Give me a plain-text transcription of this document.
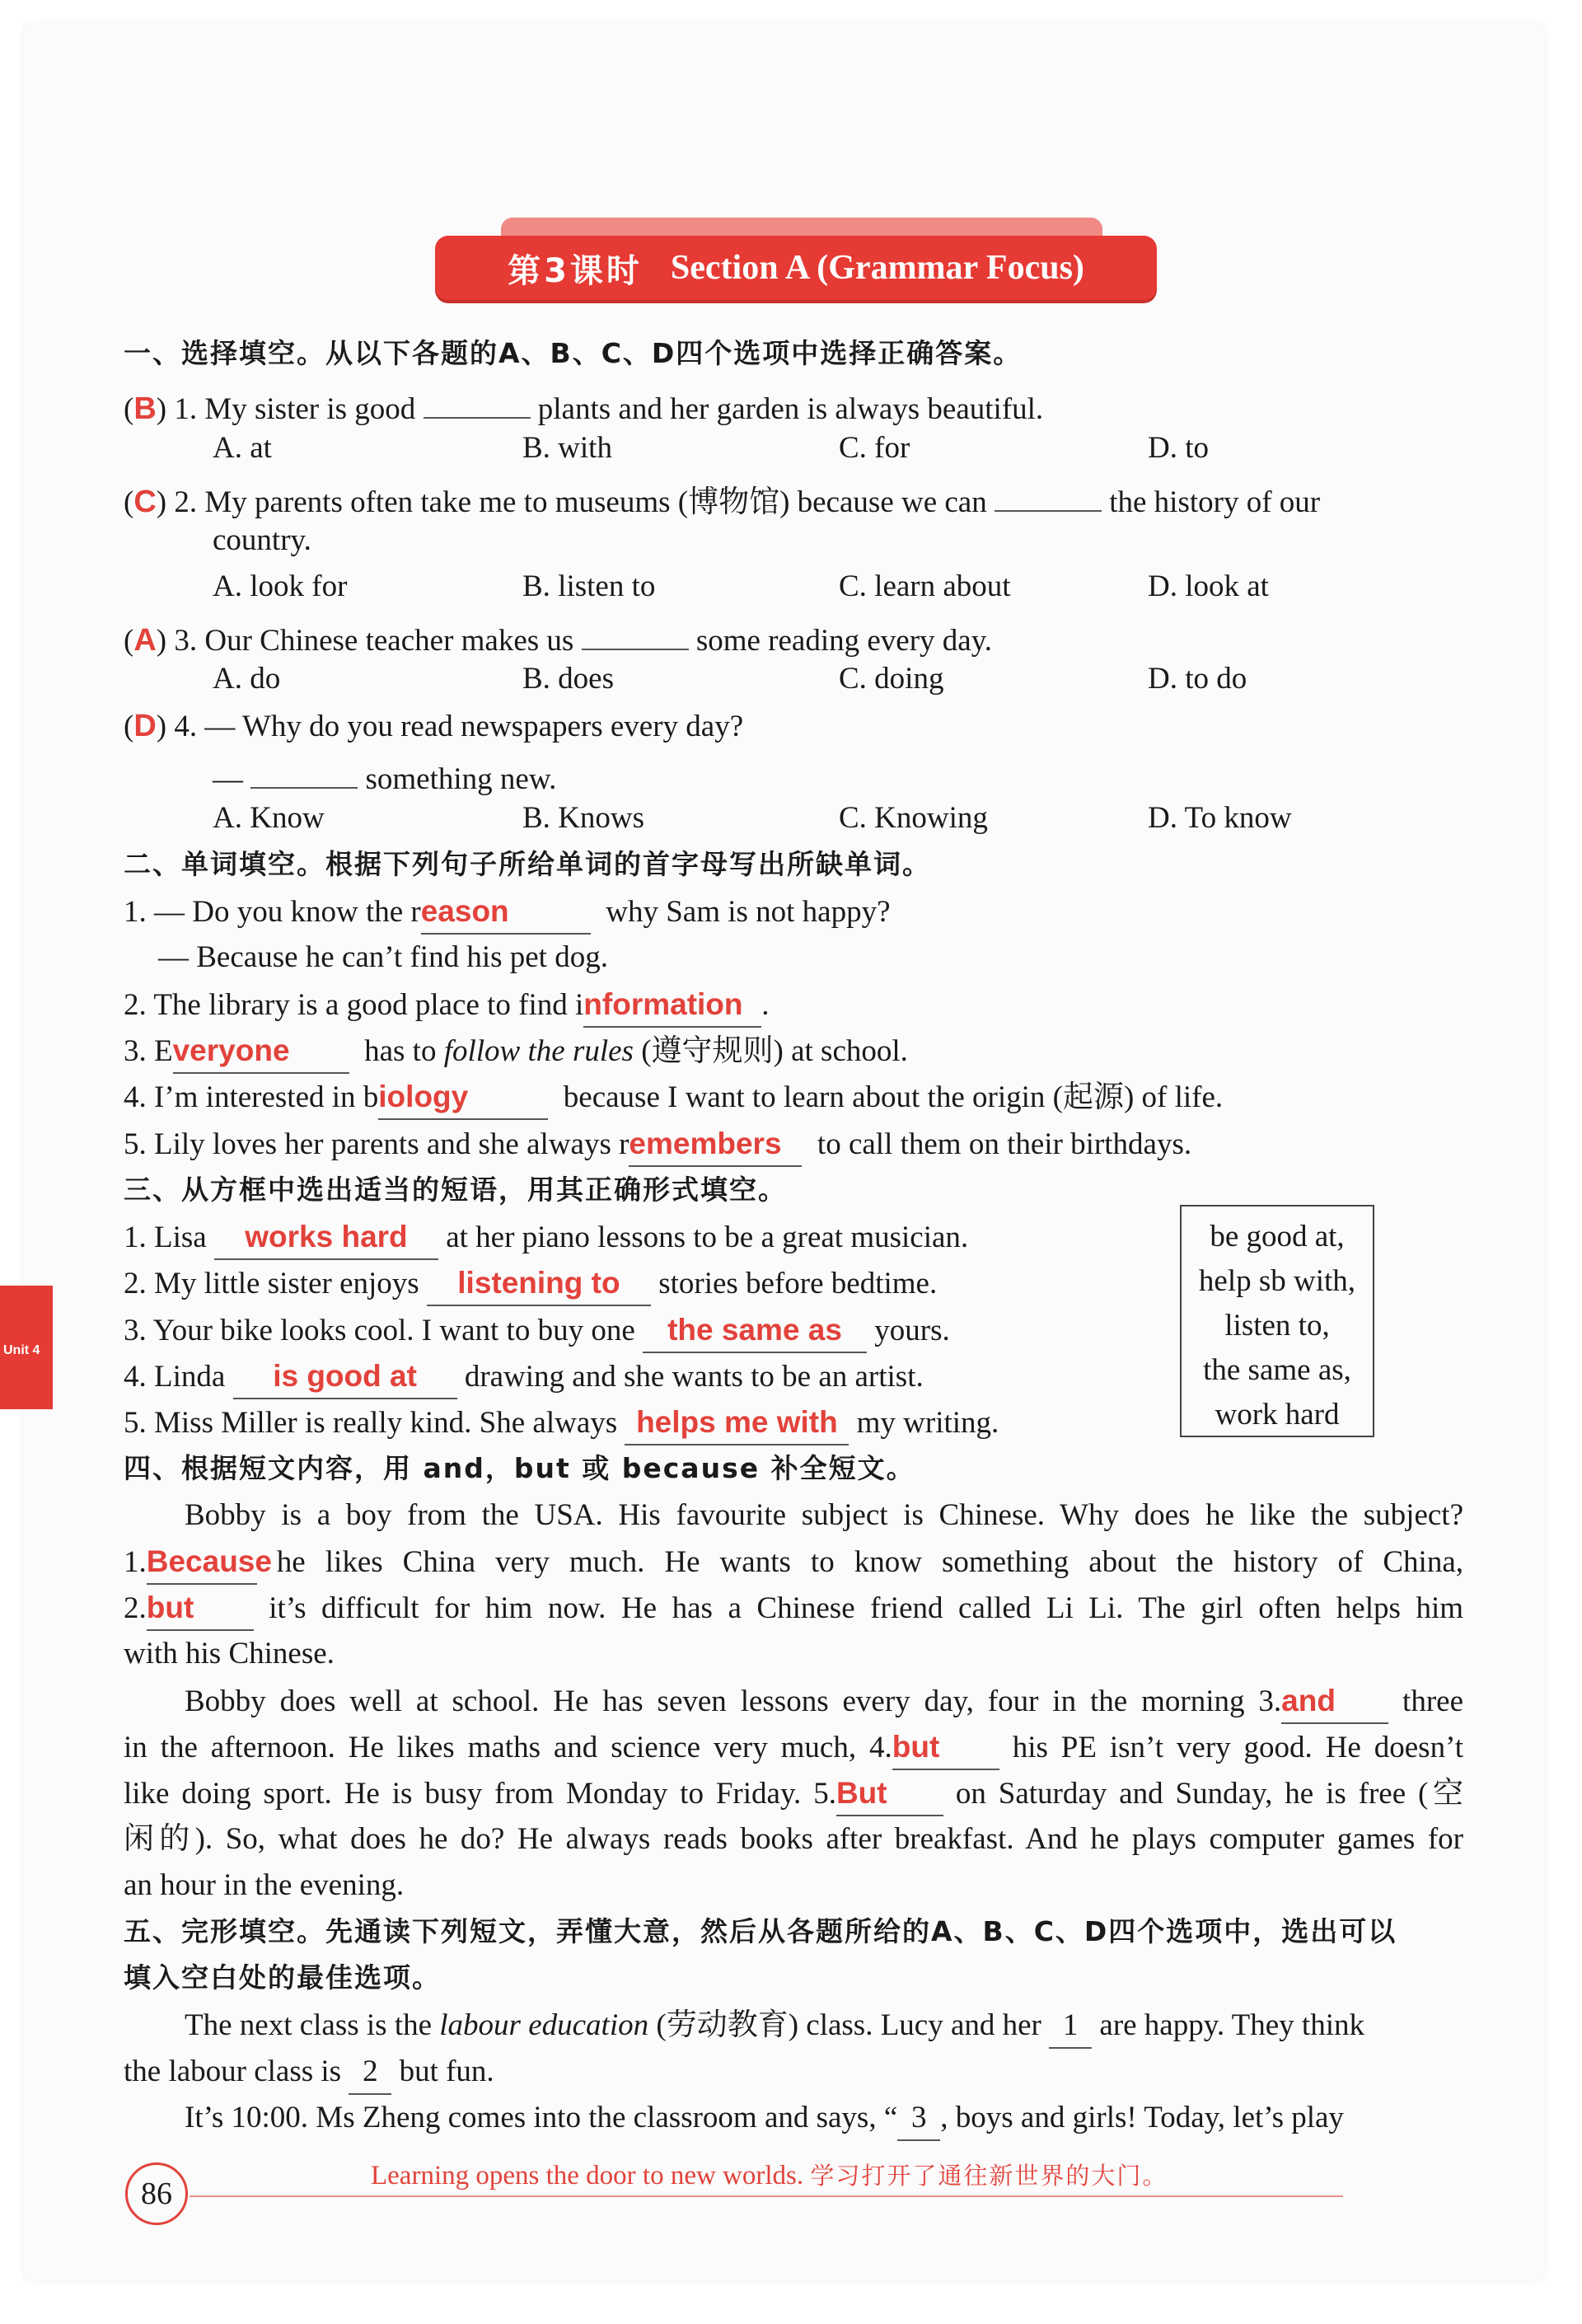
第3课时 Section A (Grammar Focus)
Unit 4
一、选择填空。从以下各题的A、B、C、D四个选项中选择正确答案。
(B) 1. My sister is good	plants and her garden is always beautiful.
A. at	B. with	C. for	D. to
(C) 2. My parents often take me to museums (博物馆) because we can	the history of our
country.
A. look for	B. listen to	C. learn about	D. look at
(A) 3. Our Chinese teacher makes us	some reading every day.
A. do	B. does	C. doing	D. to do
(D) 4. — Why do you read newspapers every day?
—	something new.
A. Know	B. Knows	C. Knowing	D. To know
二、单词填空。根据下列句子所给单词的首字母写出所缺单词。
1. — Do you know the reason	why Sam is not happy?
— Because he can’t find his pet dog.
2. The library is a good place to find information .
3. Everyone has to follow the rules (遵守规则) at school.
4. I’m interested in biology	because I want to learn about the origin (起源) of life.
5. Lily loves her parents and she always remembers to call them on their birthdays.
三、从方框中选出适当的短语，用其正确形式填空。
1. Lisa works hard at her piano lessons to be a great musician.
2. My little sister enjoys listening to stories before bedtime.
3. Your bike looks cool. I want to buy one the same as yours.
4. Linda is good at drawing and she wants to be an artist.
5. Miss Miller is really kind. She always helps me with my writing.
be good at,
help sb with,
listen to,
the same as,
work hard
四、根据短文内容，用 and，but 或 because 补全短文。
Bobby is a boy from the USA. His favourite subject is Chinese. Why does he like the subject?
1.Because he likes China very much. He wants to know something about the history of China,
2.but it’s difficult for him now. He has a Chinese friend called Li Li. The girl often helps him
with his Chinese.
Bobby does well at school. He has seven lessons every day, four in the morning 3.and three
in the afternoon. He likes maths and science very much, 4.but his PE isn’t very good. He doesn’t
like doing sport. He is busy from Monday to Friday. 5.But on Saturday and Sunday, he is free (空
闲的). So, what does he do? He always reads books after breakfast. And he plays computer games for
an hour in the evening.
五、完形填空。先通读下列短文，弄懂大意，然后从各题所给的A、B、C、D四个选项中，选出可以
填入空白处的最佳选项。
The next class is the labour education (劳动教育) class. Lucy and her 1 are happy. They think
the labour class is 2 but fun.
It’s 10:00. Ms Zheng comes into the classroom and says, “ 3 , boys and girls! Today, let’s play
86
Learning opens the door to new worlds. 学习打开了通往新世界的大门。
